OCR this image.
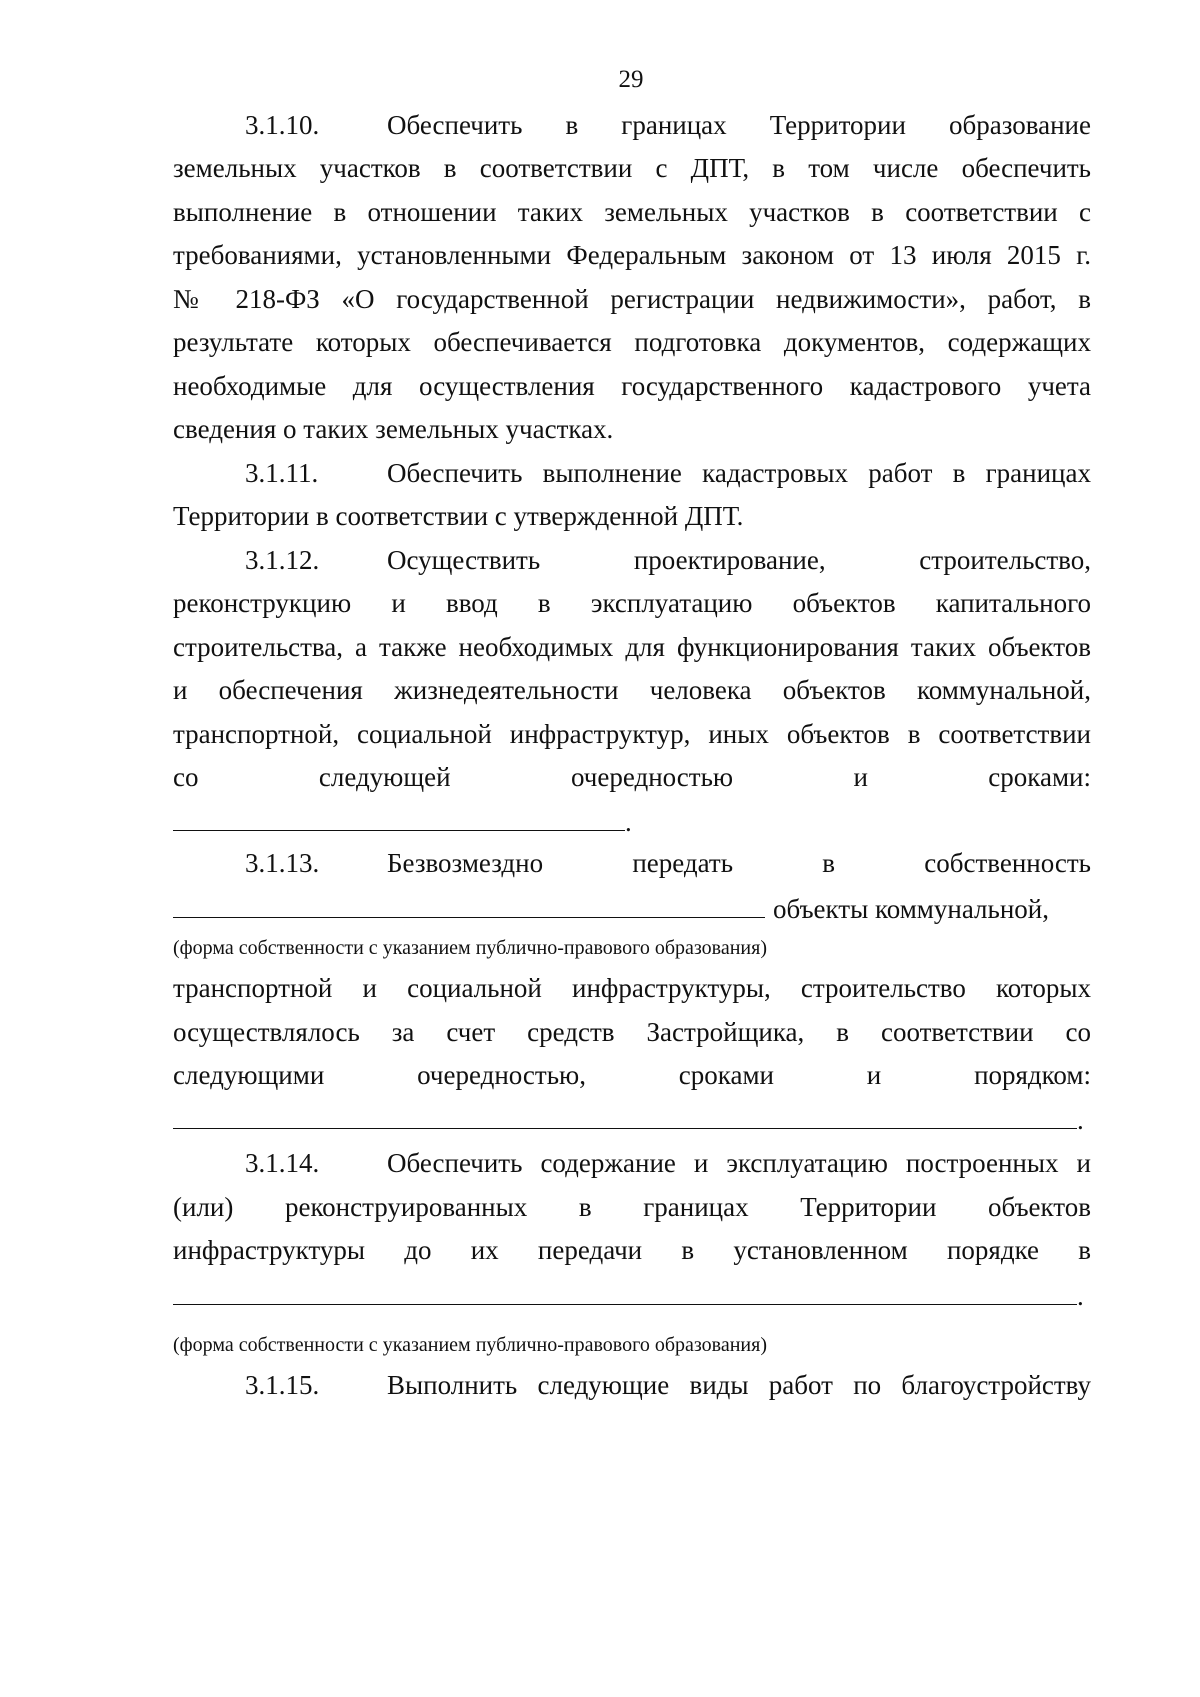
29
3.1.10.	Обеспечить в границах Территории образование
земельных участков в соответствии с ДПТ, в том числе обеспечить
выполнение в отношении таких земельных участков в соответствии с
требованиями, установленными Федеральным законом от 13 июля 2015 г.
№ 218-ФЗ «О государственной регистрации недвижимости», работ, в
результате которых обеспечивается подготовка документов, содержащих
необходимые для осуществления государственного кадастрового учета
сведения о таких земельных участках.
3.1.11.	Обеспечить выполнение кадастровых работ в границах
Территории в соответствии с утвержденной ДПТ.
3.1.12.	Осуществить проектирование, строительство,
реконструкцию и ввод в эксплуатацию объектов капитального
строительства, а также необходимых для функционирования таких объектов
и обеспечения жизнедеятельности человека объектов коммунальной,
транспортной, социальной инфраструктур, иных объектов в соответствии
со следующей очередностью и сроками:
.
3.1.13.	Безвозмездно передать в собственность
объекты коммунальной,
(форма собственности с указанием публично-правового образования)
транспортной и социальной инфраструктуры, строительство которых
осуществлялось за счет средств Застройщика, в соответствии со
следующими очередностью, сроками и порядком:
.
3.1.14.	Обеспечить содержание и эксплуатацию построенных и
(или) реконструированных в границах Территории объектов
инфраструктуры до их передачи в установленном порядке в
.
(форма собственности с указанием публично-правового образования)
3.1.15.	Выполнить следующие виды работ по благоустройству
